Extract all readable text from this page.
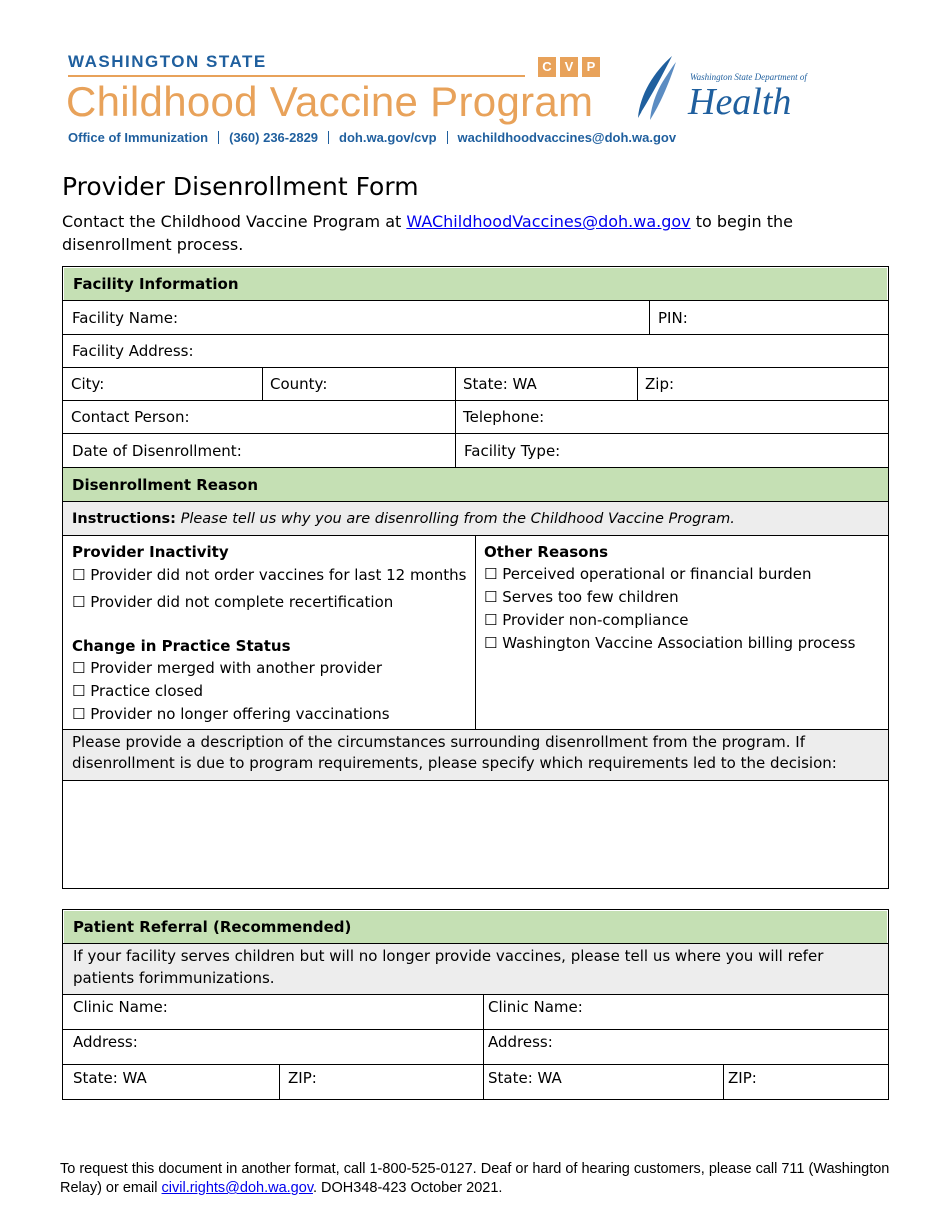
WASHINGTON STATE	C V	P
Childhood Vaccine Program
Office of Immunization (360) 236-2829 doh.wa.gov/cvp wachildhoodvaccines@doh.wa.gov
Washington State Department of
Health
Provider Disenrollment Form
Contact the Childhood Vaccine Program at WAChildhoodVaccines@doh.wa.gov to begin the disenrollment process.
Facility Information
Facility Name:	PIN:
Facility Address:
City:	County:	State: WA	Zip:
Contact Person:	Telephone:
Date of Disenrollment:	Facility Type:
Disenrollment Reason
Instructions: Please tell us why you are disenrolling from the Childhood Vaccine Program.
Provider Inactivity
☐ Provider did not order vaccines for last 12 months
☐ Provider did not complete recertification
Change in Practice Status
☐ Provider merged with another provider
☐ Practice closed
☐ Provider no longer offering vaccinations
Other Reasons
☐ Perceived operational or financial burden
☐ Serves too few children
☐ Provider non-compliance
☐ Washington Vaccine Association billing process
Please provide a description of the circumstances surrounding disenrollment from the program. If disenrollment is due to program requirements, please specify which requirements led to the decision:
Patient Referral (Recommended)
If your facility serves children but will no longer provide vaccines, please tell us where you will refer patients forimmunizations.
Clinic Name:	Clinic Name:
Address:	Address:
State: WA	ZIP:	State: WA	ZIP:
To request this document in another format, call 1-800-525-0127. Deaf or hard of hearing customers, please call 711 (Washington Relay) or email civil.rights@doh.wa.gov. DOH348-423 October 2021.
